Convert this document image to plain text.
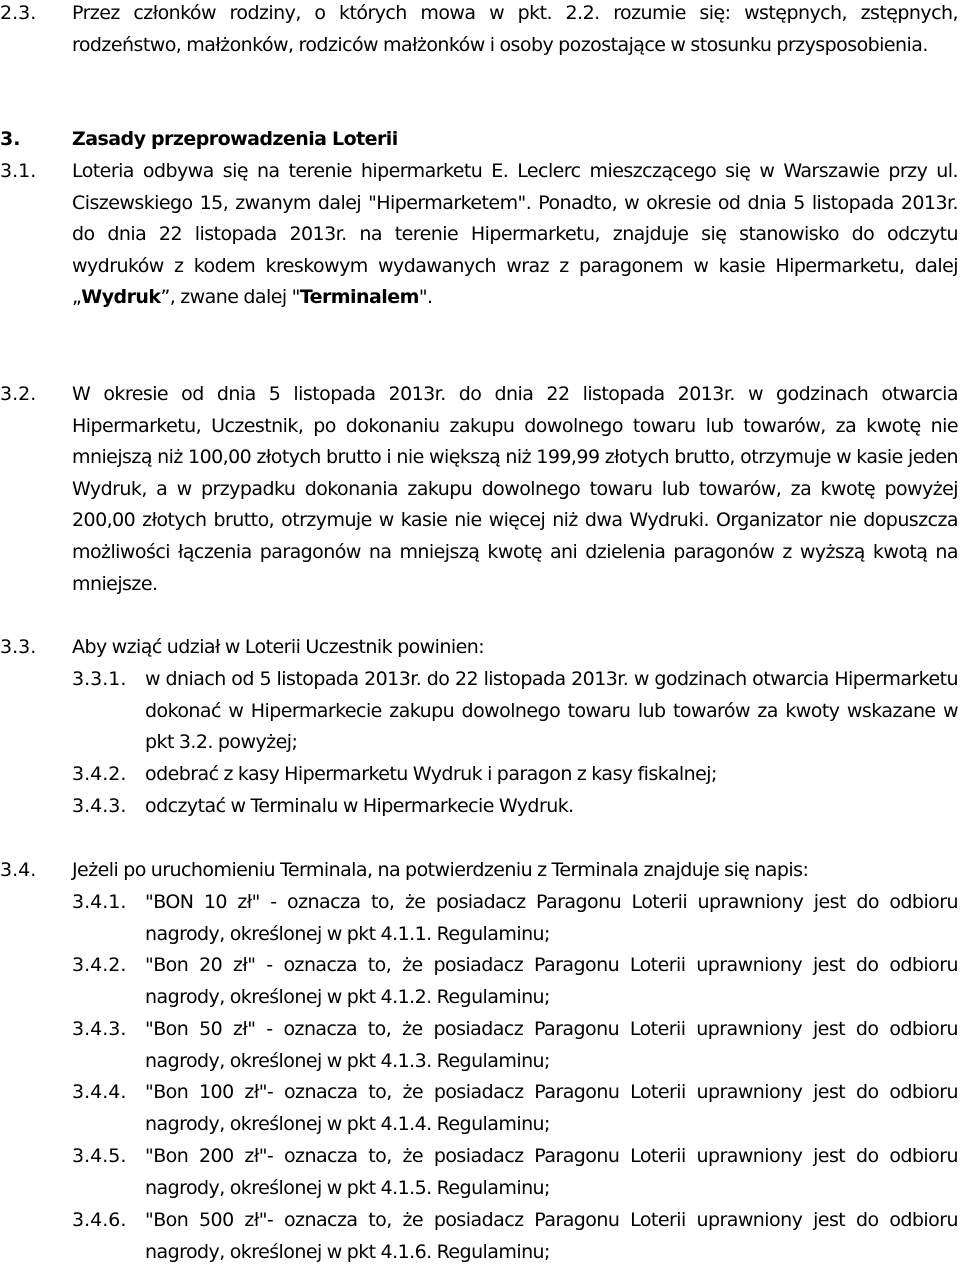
2.3. Przez członków rodziny, o których mowa w pkt. 2.2. rozumie się: wstępnych, zstępnych, rodzeństwo, małżonków, rodziców małżonków i osoby pozostające w stosunku przysposobienia.
3.	Zasady przeprowadzenia Loterii
3.1. Loteria odbywa się na terenie hipermarketu E. Leclerc mieszczącego się w Warszawie przy ul. Ciszewskiego 15, zwanym dalej "Hipermarketem". Ponadto, w okresie od dnia 5 listopada 2013r. do dnia 22 listopada 2013r. na terenie Hipermarketu, znajduje się stanowisko do odczytu wydruków z kodem kreskowym wydawanych wraz z paragonem w kasie Hipermarketu, dalej „Wydruk”, zwane dalej "Terminalem".
3.2. W okresie od dnia 5 listopada 2013r. do dnia 22 listopada 2013r. w godzinach otwarcia Hipermarketu, Uczestnik, po dokonaniu zakupu dowolnego towaru lub towarów, za kwotę nie mniejszą niż 100,00 złotych brutto i nie większą niż 199,99 złotych brutto, otrzymuje w kasie jeden Wydruk, a w przypadku dokonania zakupu dowolnego towaru lub towarów, za kwotę powyżej 200,00 złotych brutto, otrzymuje w kasie nie więcej niż dwa Wydruki. Organizator nie dopuszcza możliwości łączenia paragonów na mniejszą kwotę ani dzielenia paragonów z wyższą kwotą na mniejsze.
3.3. Aby wziąć udział w Loterii Uczestnik powinien:
3.3.1. w dniach od 5 listopada 2013r. do 22 listopada 2013r. w godzinach otwarcia Hipermarketu dokonać w Hipermarkecie zakupu dowolnego towaru lub towarów za kwoty wskazane w pkt 3.2. powyżej;
3.4.2. odebrać z kasy Hipermarketu Wydruk i paragon z kasy fiskalnej;
3.4.3. odczytać w Terminalu w Hipermarkecie Wydruk.
3.4. Jeżeli po uruchomieniu Terminala, na potwierdzeniu z Terminala znajduje się napis:
3.4.1. "BON 10 zł" - oznacza to, że posiadacz Paragonu Loterii uprawniony jest do odbioru nagrody, określonej w pkt 4.1.1. Regulaminu;
3.4.2. "Bon 20 zł" - oznacza to, że posiadacz Paragonu Loterii uprawniony jest do odbioru nagrody, określonej w pkt 4.1.2. Regulaminu;
3.4.3. "Bon 50 zł" - oznacza to, że posiadacz Paragonu Loterii uprawniony jest do odbioru nagrody, określonej w pkt 4.1.3. Regulaminu;
3.4.4. "Bon 100 zł"- oznacza to, że posiadacz Paragonu Loterii uprawniony jest do odbioru nagrody, określonej w pkt 4.1.4. Regulaminu;
3.4.5. "Bon 200 zł"- oznacza to, że posiadacz Paragonu Loterii uprawniony jest do odbioru nagrody, określonej w pkt 4.1.5. Regulaminu;
3.4.6. "Bon 500 zł"- oznacza to, że posiadacz Paragonu Loterii uprawniony jest do odbioru nagrody, określonej w pkt 4.1.6. Regulaminu;
